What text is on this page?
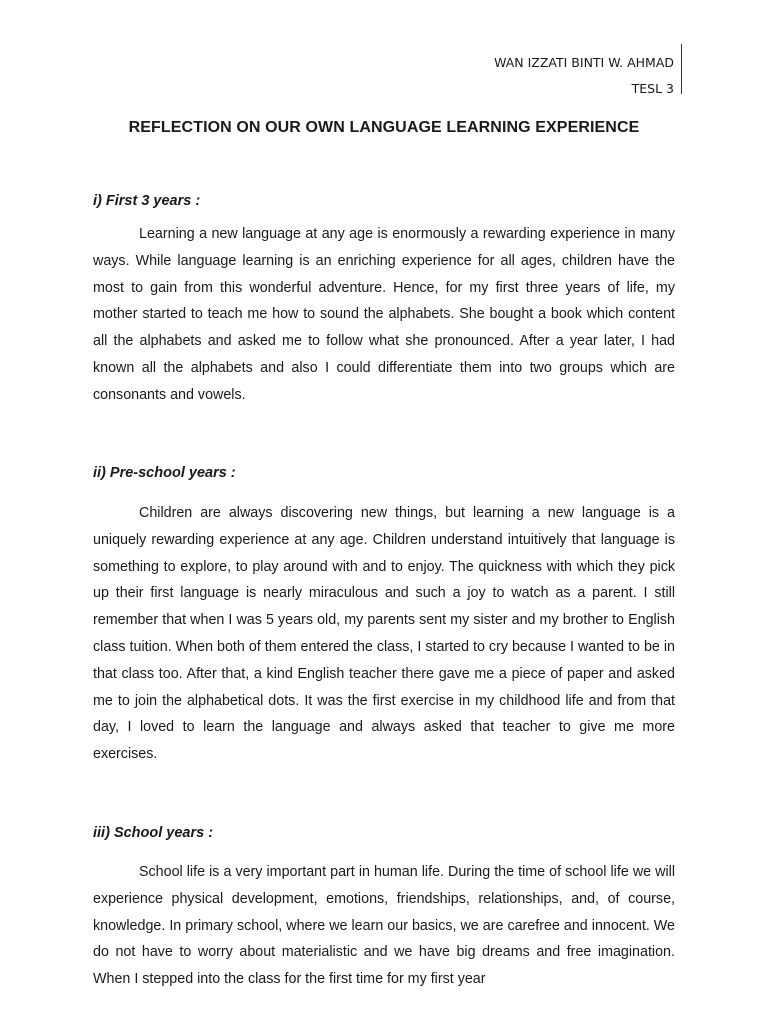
WAN IZZATI BINTI W. AHMAD
TESL 3
REFLECTION ON OUR OWN LANGUAGE LEARNING EXPERIENCE
i) First 3 years :

Learning a new language at any age is enormously a rewarding experience in many ways. While language learning is an enriching experience for all ages, children have the most to gain from this wonderful adventure. Hence, for my first three years of life, my mother started to teach me how to sound the alphabets. She bought a book which content all the alphabets and asked me to follow what she pronounced. After a year later, I had known all the alphabets and also I could differentiate them into two groups which are consonants and vowels.

ii) Pre-school years :

Children are always discovering new things, but learning a new language is a uniquely rewarding experience at any age. Children understand intuitively that language is something to explore, to play around with and to enjoy. The quickness with which they pick up their first language is nearly miraculous and such a joy to watch as a parent. I still remember that when I was 5 years old, my parents sent my sister and my brother to English class tuition. When both of them entered the class, I started to cry because I wanted to be in that class too. After that, a kind English teacher there gave me a piece of paper and asked me to join the alphabetical dots. It was the first exercise in my childhood life and from that day, I loved to learn the language and always asked that teacher to give me more exercises.

iii) School years :

School life is a very important part in human life. During the time of school life we will experience physical development, emotions, friendships, relationships, and, of course, knowledge. In primary school, where we learn our basics, we are carefree and innocent. We do not have to worry about materialistic and we have big dreams and free imagination. When I stepped into the class for the first time for my first year
